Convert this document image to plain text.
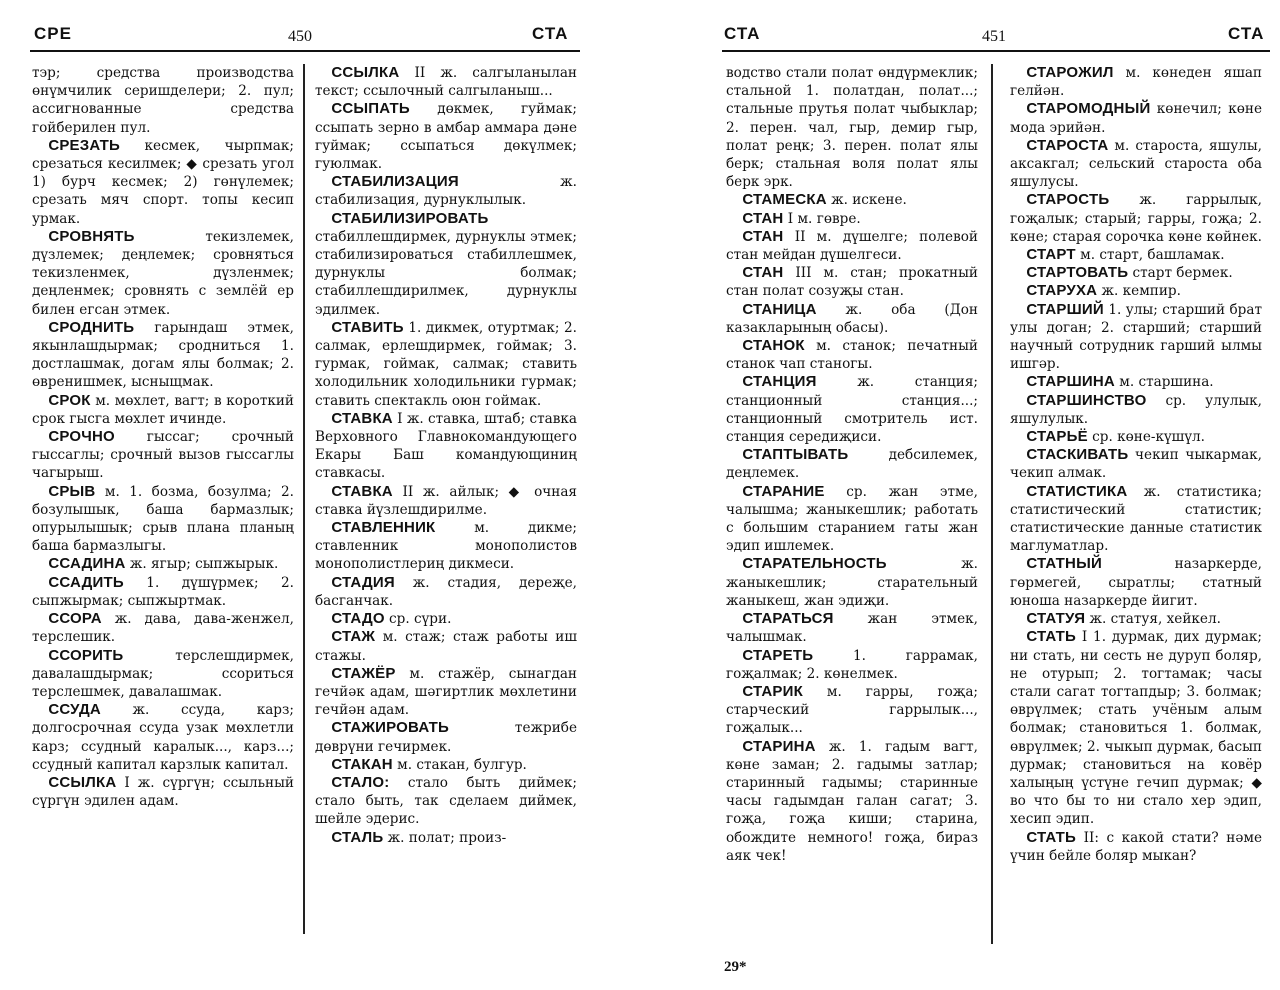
СРЕ	450	СТА

тэр; средства производства өнүмчилик серишделери; 2. пул; ассигнованные средства гойберилен пул.

СРЕЗАТЬ кесмек, чырпмак; срезаться кесилмек; ◆ срезать угол 1) бурч кесмек; 2) гөнүлемек; срезать мяч спорт. топы кесип урмак.

СРОВНЯТЬ текизлемек, дүзлемек; деңлемек; сровняться текизленмек, дүзленмек; деңленмек; сровнять с землёй ер билен егсан этмек.

СРОДНИТЬ гарындаш этмек, якынлашдырмак; сродниться 1. достлашмак, догам ялы болмак; 2. өвренишмек, ысныщмак.

СРОК м. мөхлет, вагт; в короткий срок гысга мөхлет ичинде.

СРОЧНО гыссаг; срочный гыссаглы; срочный вызов гыссаглы чагырыш.

СРЫВ м. 1. бозма, бозулма; 2. бозулышык, баша бармазлык; опурылышык; срыв плана планың баша бармазлыгы.

ССАДИНА ж. ягыр; сыпжырык.

ССАДИТЬ 1. дүшүрмек; 2. сыпжырмак; сыпжыртмак.

ССОРА ж. дава, дава-женжел, терслешик.

ССОРИТЬ терслешдирмек, давалашдырмак; ссориться терслешмек, давалашмак.

ССУДА ж. ссуда, карз; долгосрочная ссуда узак мөхлетли карз; ссудный каралык..., карз...; ссудный капитал карзлык капитал.

ССЫЛКА I ж. сүргүн; ссыльный сүргүн эдилен адам.

ССЫЛКА II ж. салгыланылан текст; ссылочный салгыланыш...

ССЫПАТЬ дөкмек, гуймак; ссыпать зерно в амбар аммара дәне гуймак; ссыпаться дөкүлмек; гуюлмак.

СТАБИЛИЗАЦИЯ ж. стабилизация, дурнуклылык.

СТАБИЛИЗИРОВАТЬ стабиллешдирмек, дурнуклы этмек; стабилизироваться стабиллешмек, дурнуклы болмак; стабиллешдирилмек, дурнуклы эдилмек.

СТАВИТЬ 1. дикмек, отуртмак; 2. салмак, ерлешдирмек, гоймак; 3. гурмак, гоймак, салмак; ставить холодильник холодильники гурмак; ставить спектакль оюн гоймак.

СТАВКА I ж. ставка, штаб; ставка Верховного Главнокомандующего Екары Баш командующиниң ставкасы.

СТАВКА II ж. айлык; ◆ очная ставка йүзлешдирилме.

СТАВЛЕННИК м. дикме; ставленник монополистов монополистлериң дикмеси.

СТАДИЯ ж. стадия, дереҗе, басганчак.

СТАДО ср. сүри.

СТАЖ м. стаж; стаж работы иш стажы.

СТАЖЁР м. стажёр, сынагдан гечйәк адам, шәгиртлик мөхлетини гечйән адам.

СТАЖИРОВАТЬ тежрибе дөврүни гечирмек.

СТАКАН м. стакан, булгур.

СТАЛО: стало быть диймек; стало быть, так сделаем диймек, шейле эдерис.

СТАЛЬ ж. полат; произ-

СТА	451	СТА

водство стали полат өндүрмеклик; стальной 1. полатдан, полат...; стальные прутья полат чыбыклар; 2. перен. чал, гыр, демир гыр, полат реңк; 3. перен. полат ялы берк; стальная воля полат ялы берк эрк.

СТАМЕСКА ж. искене.

СТАН I м. гөвре.

СТАН II м. дүшелге; полевой стан мейдан дүшелгеси.

СТАН III м. стан; прокатный стан полат созуҗы стан.

СТАНИЦА ж. оба (Дон казакларының обасы).

СТАНОК м. станок; печатный станок чап станогы.

СТАНЦИЯ ж. станция; станционный станция...; станционный смотритель ист. станция середиҗиси.

СТАПТЫВАТЬ дебсилемек, деңлемек.

СТАРАНИЕ ср. жан этме, чалышма; жаныкешлик; работать с большим старанием гаты жан эдип ишлемек.

СТАРАТЕЛЬНОСТЬ ж. жаныкешлик; старательный жаныкеш, жан эдиҗи.

СТАРАТЬСЯ жан этмек, чалышмак.

СТАРЕТЬ 1. гаррамак, гоҗалмак; 2. көнелмек.

СТАРИК м. гарры, гоҗа; старческий гаррылык..., гоҗалык...

СТАРИНА ж. 1. гадым вагт, көне заман; 2. гадымы затлар; старинный гадымы; старинные часы гадымдан галан сагат; 3. гоҗа, гоҗа киши; старина, обождите немного! гоҗа, бираз аяк чек!

СТАРОЖИЛ м. көнеден яшап гелйән.

СТАРОМОДНЫЙ көнечил; көне мода эрийән.

СТАРОСТА м. староста, яшулы, аксакгал; сельский староста оба яшулусы.

СТАРОСТЬ ж. гаррылык, гоҗалык; старый; гарры, гоҗа; 2. көне; старая сорочка көне көйнек.

СТАРТ м. старт, башламак.

СТАРТОВАТЬ старт бермек.

СТАРУХА ж. кемпир.

СТАРШИЙ 1. улы; старший брат улы доган; 2. старший; старший научный сотрудник гарший ылмы ишгәр.

СТАРШИНА м. старшина.

СТАРШИНСТВО ср. улулык, яшулулык.

СТАРЬЁ ср. көне-күшүл.

СТАСКИВАТЬ чекип чыкармак, чекип алмак.

СТАТИСТИКА ж. статистика; статистический статистик; статистические данные статистик маглуматлар.

СТАТНЫЙ назаркерде, гөрмегей, сыратлы; статный юноша назаркерде йигит.

СТАТУЯ ж. статуя, хейкел.

СТАТЬ I 1. дурмак, дих дурмак; ни стать, ни сесть не дуруп боляр, не отурып; 2. тогтамак; часы стали сагат тогтапдыр; 3. болмак; өврүлмек; стать учёным алым болмак; становиться 1. болмак, өврүлмек; 2. чыкып дурмак, басып дурмак; становиться на ковёр халыңың үстүне гечип дурмак; ◆ во что бы то ни стало хер эдип, хесип эдип.

СТАТЬ II: с какой стати? нәме үчин бейле боляр мыкан?

29*
